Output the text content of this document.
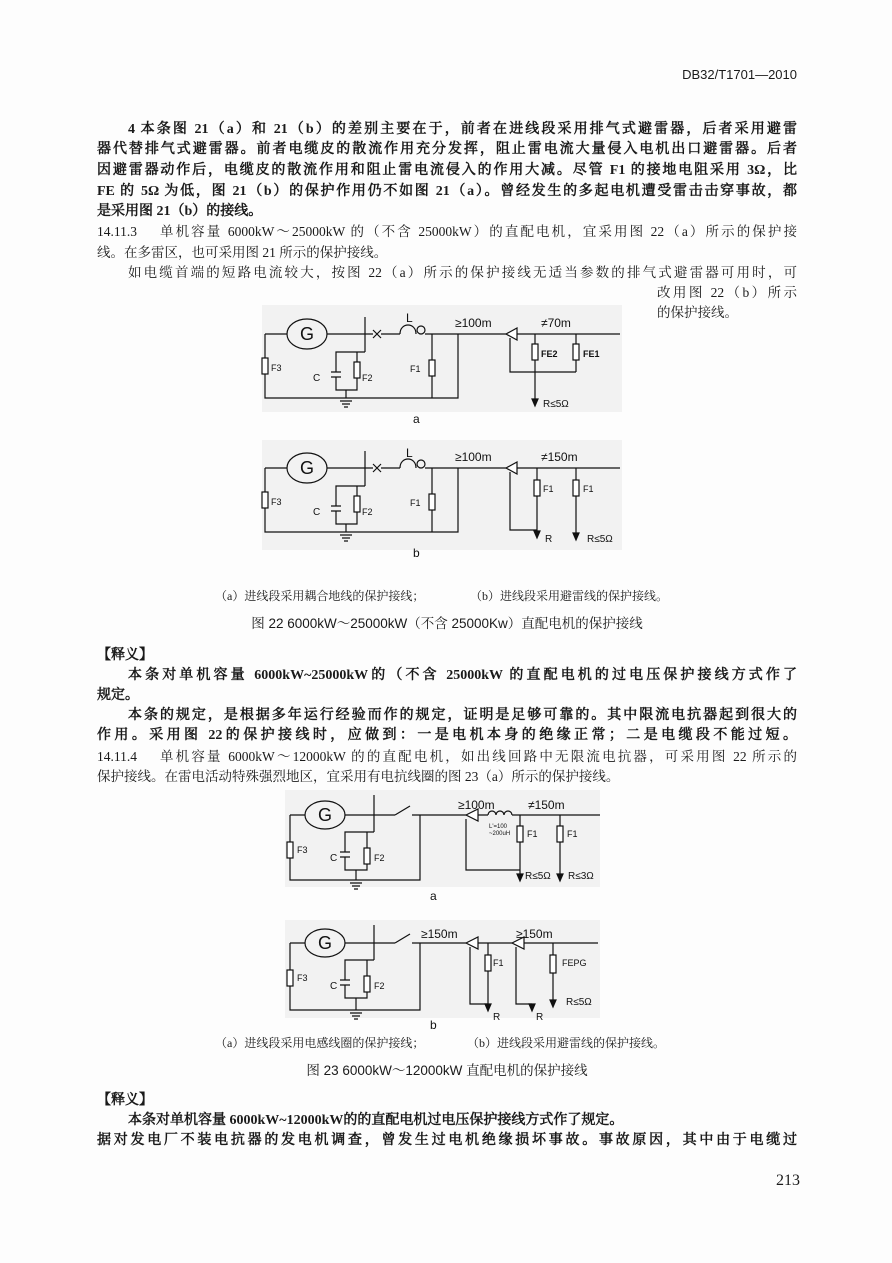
DB32/T1701—2010
4 本条图 21（a）和 21（b）的差别主要在于，前者在进线段采用排气式避雷器，后者采用避雷
器代替排气式避雷器。前者电缆皮的散流作用充分发挥，阻止雷电流大量侵入电机出口避雷器。后者
因避雷器动作后，电缆皮的散流作用和阻止雷电流侵入的作用大减。尽管 F1 的接地电阻采用 3Ω，比
FE 的 5Ω 为低，图 21（b）的保护作用仍不如图 21（a）。曾经发生的多起电机遭受雷击击穿事故，都
是采用图 21（b）的接线。
14.11.3 单机容量 6000kW～25000kW 的（不含 25000kW）的直配电机，宜采用图 22（a）所示的保护接
线。在多雷区，也可采用图 21 所示的保护接线。
如电缆首端的短路电流较大，按图 22（a）所示的保护接线无适当参数的排气式避雷器可用时，可
改用图 22（b）所示
的保护接线。
G
L	≥100m	≠70m
F3
C	F2
F1
FE2	FE1
R≤5Ω
a
G
L	≥100m	≠150m
F3
C	F2
F1
F1	F1
R	R≤5Ω
b
（a）进线段采用耦合地线的保护接线；	（b）进线段采用避雷线的保护接线。
图 22 6000kW～25000kW（不含 25000Kw）直配电机的保护接线
【释义】
本条对单机容量 6000kW~25000kW的（不含 25000kW 的直配电机的过电压保护接线方式作了
规定。
本条的规定，是根据多年运行经验而作的规定，证明是足够可靠的。其中限流电抗器起到很大的
作用。采用图 22的保护接线时，应做到：一是电机本身的绝缘正常；二是电缆段不能过短。
14.11.4 单机容量 6000kW～12000kW 的的直配电机，如出线回路中无限流电抗器，可采用图 22 所示的
保护接线。在雷电活动特殊强烈地区，宜采用有电抗线圈的图 23（a）所示的保护接线。
G
F3
C	F2
≥100m	≠150m
L'=100
~200uH F1	F1
R≤5Ω R≤3Ω
a
G
F3
C	F2
≥150m	≥150m
F1	FEPG
R	R
R≤5Ω
b
（a）进线段采用电感线圈的保护接线；	（b）进线段采用避雷线的保护接线。
图 23 6000kW～12000kW 直配电机的保护接线
【释义】
本条对单机容量 6000kW~12000kW的的直配电机过电压保护接线方式作了规定。
据对发电厂不装电抗器的发电机调查，曾发生过电机绝缘损坏事故。事故原因，其中由于电缆过
213
